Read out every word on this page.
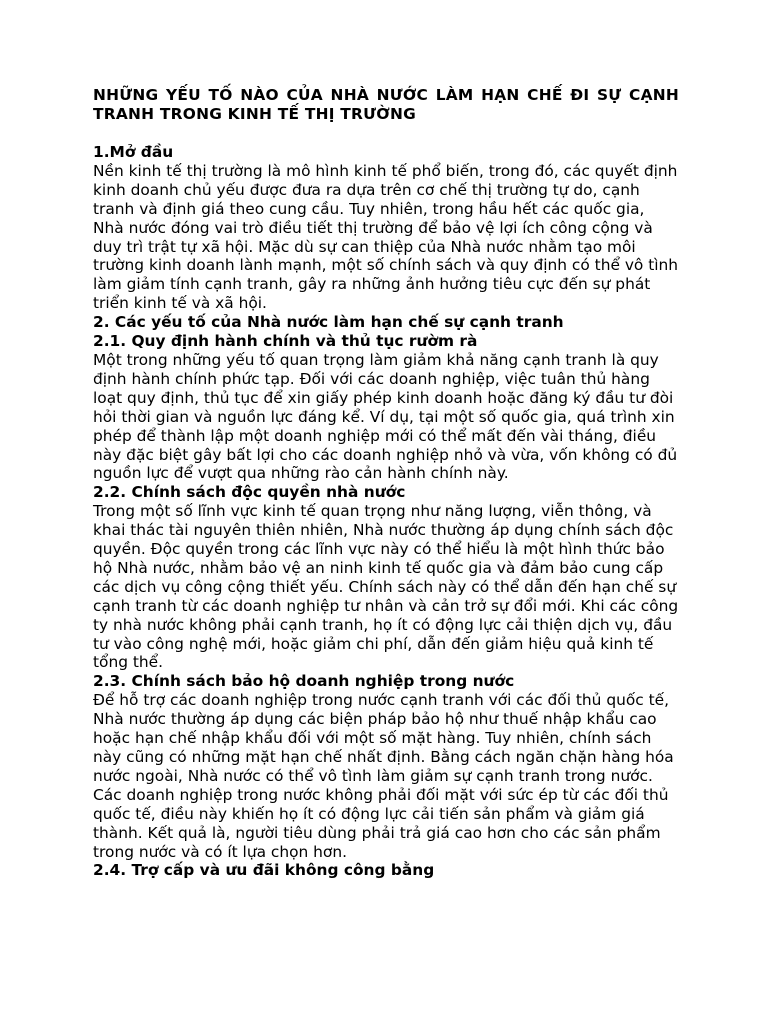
NHỮNG YẾU TỐ NÀO CỦA NHÀ NƯỚC LÀM HẠN CHẾ ĐI SỰ CẠNH TRANH TRONG KINH TẾ THỊ TRƯỜNG

1.Mở đầu

Nền kinh tế thị trường là mô hình kinh tế phổ biến, trong đó, các quyết định kinh doanh chủ yếu được đưa ra dựa trên cơ chế thị trường tự do, cạnh tranh và định giá theo cung cầu. Tuy nhiên, trong hầu hết các quốc gia, Nhà nước đóng vai trò điều tiết thị trường để bảo vệ lợi ích công cộng và duy trì trật tự xã hội. Mặc dù sự can thiệp của Nhà nước nhằm tạo môi trường kinh doanh lành mạnh, một số chính sách và quy định có thể vô tình làm giảm tính cạnh tranh, gây ra những ảnh hưởng tiêu cực đến sự phát triển kinh tế và xã hội.

2. Các yếu tố của Nhà nước làm hạn chế sự cạnh tranh

2.1. Quy định hành chính và thủ tục rườm rà

Một trong những yếu tố quan trọng làm giảm khả năng cạnh tranh là quy định hành chính phức tạp. Đối với các doanh nghiệp, việc tuân thủ hàng loạt quy định, thủ tục để xin giấy phép kinh doanh hoặc đăng ký đầu tư đòi hỏi thời gian và nguồn lực đáng kể. Ví dụ, tại một số quốc gia, quá trình xin phép để thành lập một doanh nghiệp mới có thể mất đến vài tháng, điều này đặc biệt gây bất lợi cho các doanh nghiệp nhỏ và vừa, vốn không có đủ nguồn lực để vượt qua những rào cản hành chính này.

2.2. Chính sách độc quyền nhà nước

Trong một số lĩnh vực kinh tế quan trọng như năng lượng, viễn thông, và khai thác tài nguyên thiên nhiên, Nhà nước thường áp dụng chính sách độc quyền. Độc quyền trong các lĩnh vực này có thể hiểu là một hình thức bảo hộ Nhà nước, nhằm bảo vệ an ninh kinh tế quốc gia và đảm bảo cung cấp các dịch vụ công cộng thiết yếu. Chính sách này có thể dẫn đến hạn chế sự cạnh tranh từ các doanh nghiệp tư nhân và cản trở sự đổi mới. Khi các công ty nhà nước không phải cạnh tranh, họ ít có động lực cải thiện dịch vụ, đầu tư vào công nghệ mới, hoặc giảm chi phí, dẫn đến giảm hiệu quả kinh tế tổng thể.

2.3. Chính sách bảo hộ doanh nghiệp trong nước

Để hỗ trợ các doanh nghiệp trong nước cạnh tranh với các đối thủ quốc tế, Nhà nước thường áp dụng các biện pháp bảo hộ như thuế nhập khẩu cao hoặc hạn chế nhập khẩu đối với một số mặt hàng. Tuy nhiên, chính sách này cũng có những mặt hạn chế nhất định. Bằng cách ngăn chặn hàng hóa nước ngoài, Nhà nước có thể vô tình làm giảm sự cạnh tranh trong nước. Các doanh nghiệp trong nước không phải đối mặt với sức ép từ các đối thủ quốc tế, điều này khiến họ ít có động lực cải tiến sản phẩm và giảm giá thành. Kết quả là, người tiêu dùng phải trả giá cao hơn cho các sản phẩm trong nước và có ít lựa chọn hơn.

2.4. Trợ cấp và ưu đãi không công bằng
